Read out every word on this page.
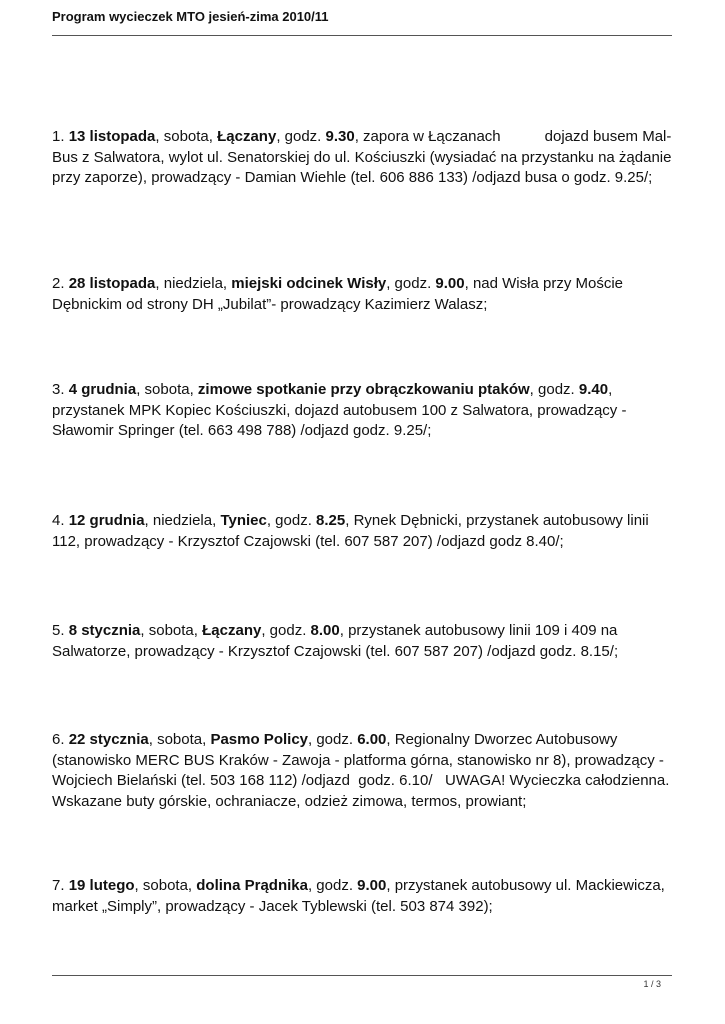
Program wycieczek MTO jesień-zima 2010/11

1. 13 listopada, sobota, Łączany, godz. 9.30, zapora w Łączanach	dojazd busem Mal-Bus z Salwatora, wylot ul. Senatorskiej do ul. Kościuszki (wysiadać na przystanku na żądanie przy zaporze), prowadzący - Damian Wiehle (tel. 606 886 133) /odjazd busa o godz. 9.25/;

2. 28 listopada, niedziela, miejski odcinek Wisły, godz. 9.00, nad Wisła przy Moście Dębnickim od strony DH „Jubilat”- prowadzący Kazimierz Walasz;

3. 4 grudnia, sobota, zimowe spotkanie przy obrączkowaniu ptaków, godz. 9.40, przystanek MPK Kopiec Kościuszki, dojazd autobusem 100 z Salwatora, prowadzący - Sławomir Springer (tel. 663 498 788) /odjazd godz. 9.25/;

4. 12 grudnia, niedziela, Tyniec, godz. 8.25, Rynek Dębnicki, przystanek autobusowy linii 112, prowadzący - Krzysztof Czajowski (tel. 607 587 207) /odjazd godz 8.40/;

5. 8 stycznia, sobota, Łączany, godz. 8.00, przystanek autobusowy linii 109 i 409 na Salwatorze, prowadzący - Krzysztof Czajowski (tel. 607 587 207) /odjazd godz. 8.15/;

6. 22 stycznia, sobota, Pasmo Policy, godz. 6.00, Regionalny Dworzec Autobusowy (stanowisko MERC BUS Kraków - Zawoja - platforma górna, stanowisko nr 8), prowadzący - Wojciech Bielański (tel. 503 168 112) /odjazd  godz. 6.10/   UWAGA! Wycieczka całodzienna. Wskazane buty górskie, ochraniacze, odzież zimowa, termos, prowiant;

7. 19 lutego, sobota, dolina Prądnika, godz. 9.00, przystanek autobusowy ul. Mackiewicza, market „Simply”, prowadzący - Jacek Tyblewski (tel. 503 874 392);

1 / 3
